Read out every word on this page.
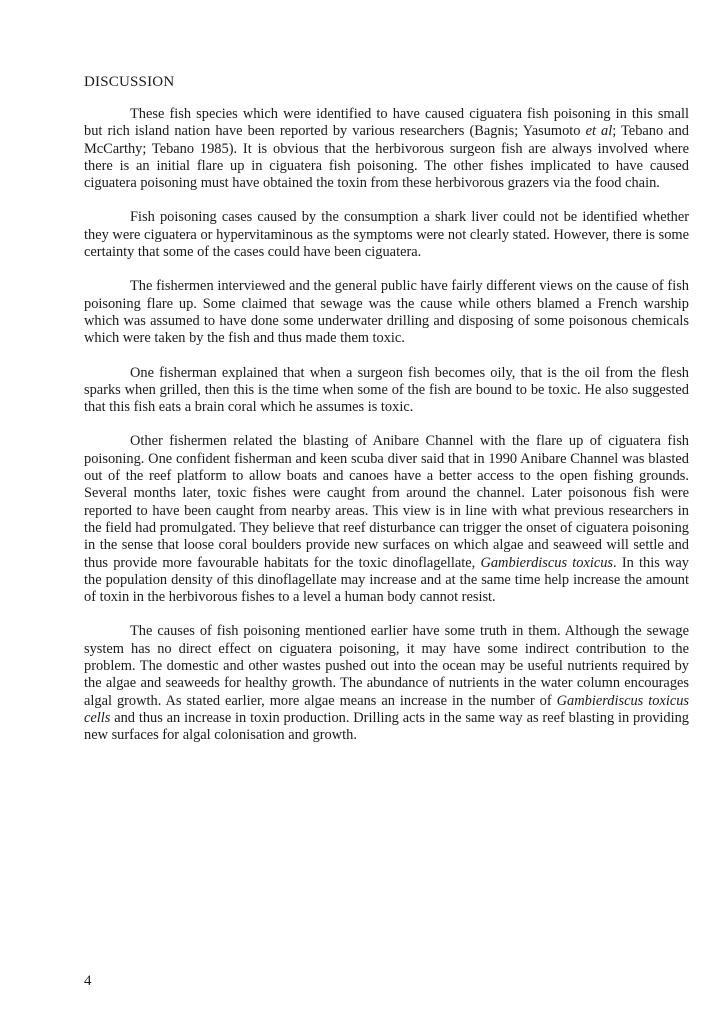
DISCUSSION

These fish species which were identified to have caused ciguatera fish poisoning in this small but rich island nation have been reported by various researchers (Bagnis; Yasumoto et al; Tebano and McCarthy; Tebano 1985). It is obvious that the herbivorous surgeon fish are always involved where there is an initial flare up in ciguatera fish poisoning. The other fishes implicated to have caused ciguatera poisoning must have obtained the toxin from these herbivorous grazers via the food chain.

Fish poisoning cases caused by the consumption a shark liver could not be identified whether they were ciguatera or hypervitaminous as the symptoms were not clearly stated. However, there is some certainty that some of the cases could have been ciguatera.

The fishermen interviewed and the general public have fairly different views on the cause of fish poisoning flare up. Some claimed that sewage was the cause while others blamed a French warship which was assumed to have done some underwater drilling and disposing of some poisonous chemicals which were taken by the fish and thus made them toxic.

One fisherman explained that when a surgeon fish becomes oily, that is the oil from the flesh sparks when grilled, then this is the time when some of the fish are bound to be toxic. He also suggested that this fish eats a brain coral which he assumes is toxic.

Other fishermen related the blasting of Anibare Channel with the flare up of ciguatera fish poisoning. One confident fisherman and keen scuba diver said that in 1990 Anibare Channel was blasted out of the reef platform to allow boats and canoes have a better access to the open fishing grounds. Several months later, toxic fishes were caught from around the channel. Later poisonous fish were reported to have been caught from nearby areas. This view is in line with what previous researchers in the field had promulgated. They believe that reef disturbance can trigger the onset of ciguatera poisoning in the sense that loose coral boulders provide new surfaces on which algae and seaweed will settle and thus provide more favourable habitats for the toxic dinoflagellate, Gambierdiscus toxicus. In this way the population density of this dinoflagellate may increase and at the same time help increase the amount of toxin in the herbivorous fishes to a level a human body cannot resist.

The causes of fish poisoning mentioned earlier have some truth in them. Although the sewage system has no direct effect on ciguatera poisoning, it may have some indirect contribution to the problem. The domestic and other wastes pushed out into the ocean may be useful nutrients required by the algae and seaweeds for healthy growth. The abundance of nutrients in the water column encourages algal growth. As stated earlier, more algae means an increase in the number of Gambierdiscus toxicus cells and thus an increase in toxin production. Drilling acts in the same way as reef blasting in providing new surfaces for algal colonisation and growth.

4
